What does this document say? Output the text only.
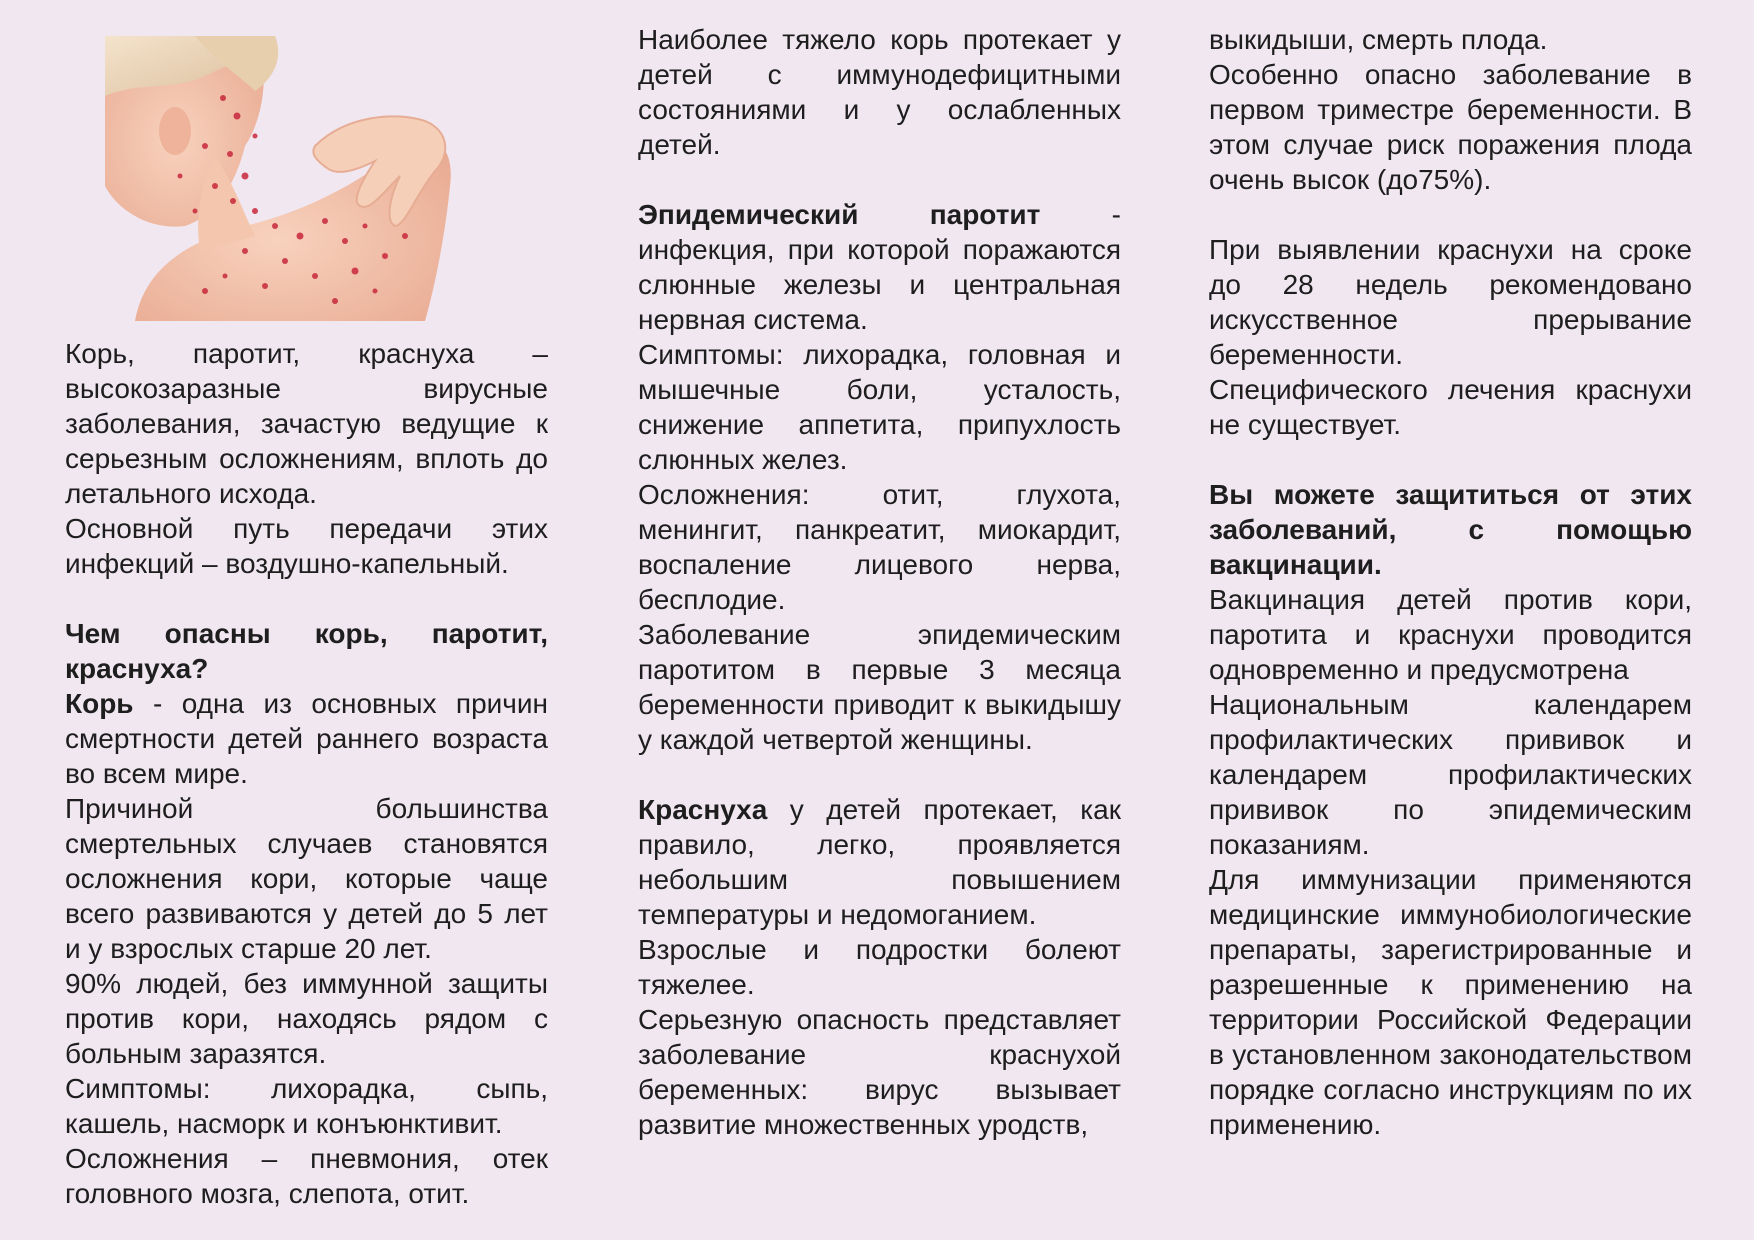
Корь, паротит, краснуха – высокозаразные вирусные заболевания, зачастую ведущие к серьезным осложнениям, вплоть до летального исхода.

Основной путь передачи этих инфекций – воздушно-капельный.

Чем опасны корь, паротит, краснуха?

Корь - одна из основных причин смертности детей раннего возраста во всем мире.

Причиной большинства смертельных случаев становятся осложнения кори, которые чаще всего развиваются у детей до 5 лет и у взрослых старше 20 лет.

90% людей, без иммунной защиты против кори, находясь рядом с больным заразятся.

Симптомы: лихорадка, сыпь, кашель, насморк и конъюнктивит.

Осложнения – пневмония, отек головного мозга, слепота, отит.

Наиболее тяжело корь протекает у детей с иммунодефицитными состояниями и у ослабленных детей.

Эпидемический паротит - инфекция, при которой поражаются слюнные железы и центральная нервная система.

Симптомы: лихорадка, головная и мышечные боли, усталость, снижение аппетита, припухлость слюнных желез.

Осложнения: отит, глухота, менингит, панкреатит, миокардит, воспаление лицевого нерва, бесплодие.

Заболевание эпидемическим паротитом в первые 3 месяца беременности приводит к выкидышу у каждой четвертой женщины.

Краснуха у детей протекает, как правило, легко, проявляется небольшим повышением температуры и недомоганием.

Взрослые и подростки болеют тяжелее.

Серьезную опасность представляет заболевание краснухой беременных: вирус вызывает развитие множественных уродств,

выкидыши, смерть плода.

Особенно опасно заболевание в первом триместре беременности. В этом случае риск поражения плода очень высок (до75%).

При выявлении краснухи на сроке до 28 недель рекомендовано искусственное прерывание беременности.

Специфического лечения краснухи не существует.

Вы можете защититься от этих заболеваний, с помощью вакцинации.

Вакцинация детей против кори, паротита и краснухи проводится одновременно и предусмотрена

Национальным календарем профилактических прививок и календарем профилактических прививок по эпидемическим показаниям.

Для иммунизации применяются медицинские иммунобиологические препараты, зарегистрированные и разрешенные к применению на территории Российской Федерации в установленном законодательством порядке согласно инструкциям по их применению.
